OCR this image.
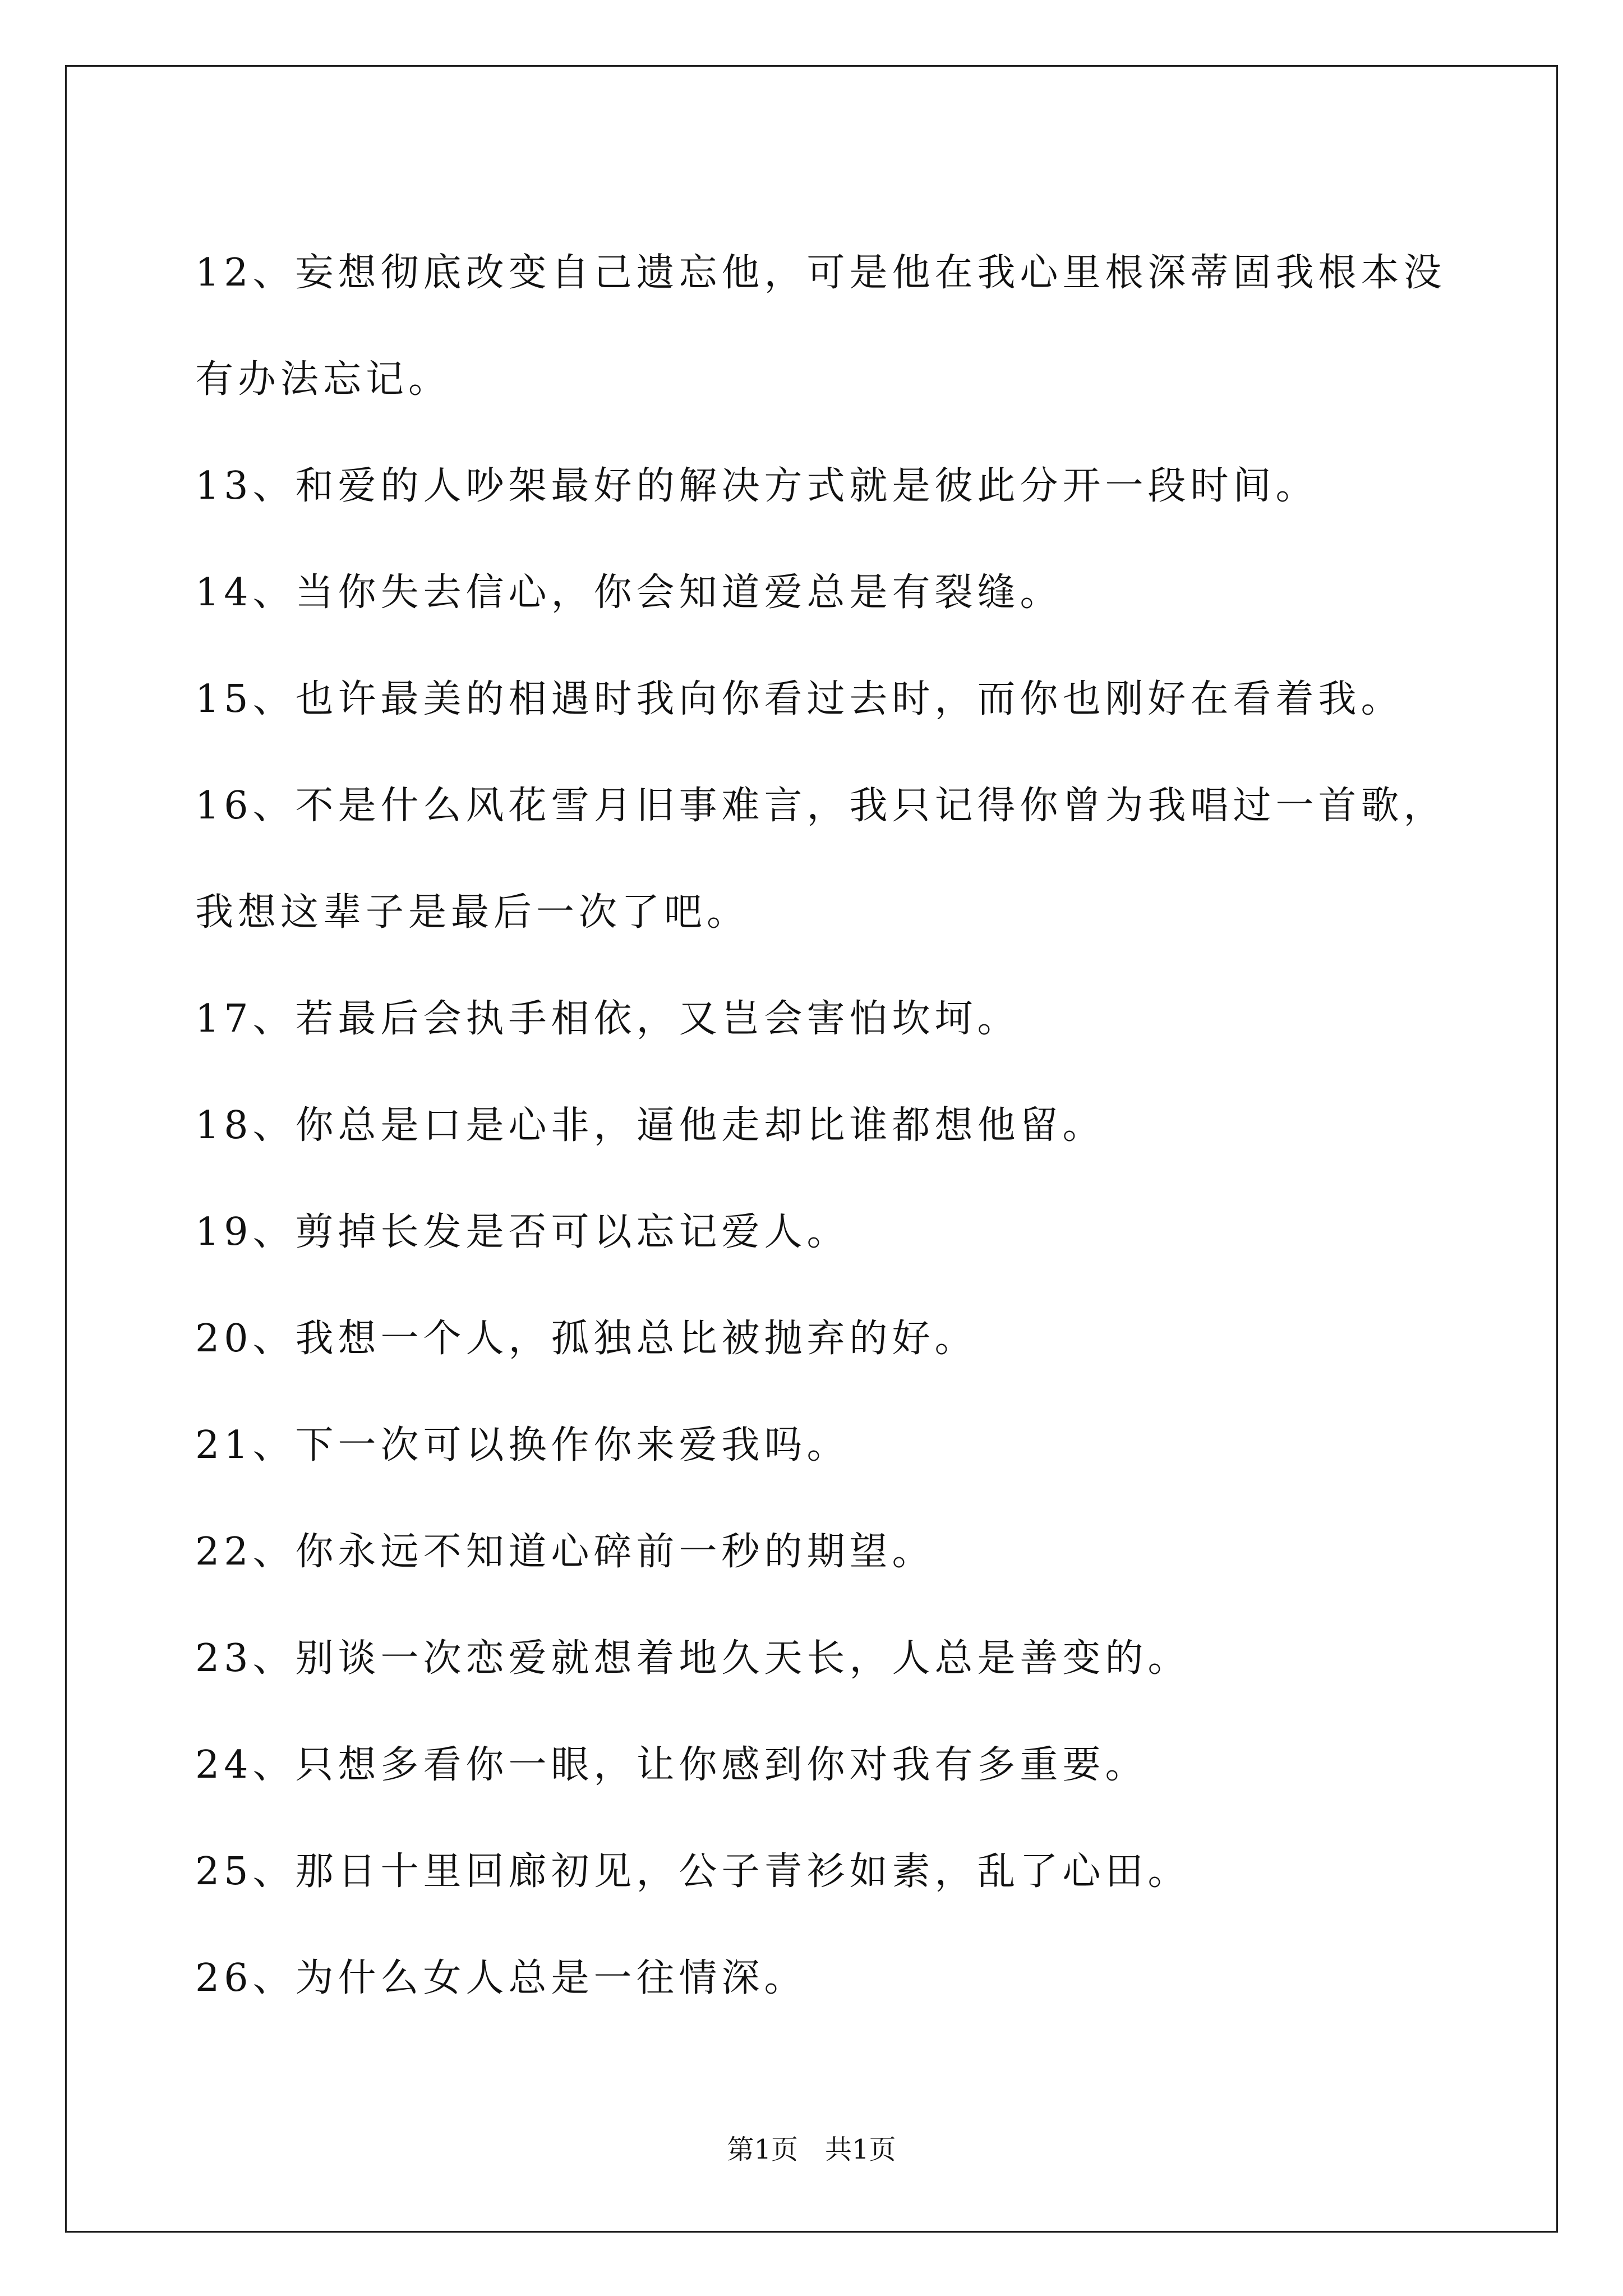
12、妄想彻底改变自己遗忘他，可是他在我心里根深蒂固我根本没有办法忘记。

13、和爱的人吵架最好的解决方式就是彼此分开一段时间。

14、当你失去信心，你会知道爱总是有裂缝。

15、也许最美的相遇时我向你看过去时，而你也刚好在看着我。

16、不是什么风花雪月旧事难言，我只记得你曾为我唱过一首歌，我想这辈子是最后一次了吧。

17、若最后会执手相依，又岂会害怕坎坷。

18、你总是口是心非，逼他走却比谁都想他留。

19、剪掉长发是否可以忘记爱人。

20、我想一个人，孤独总比被抛弃的好。

21、下一次可以换作你来爱我吗。

22、你永远不知道心碎前一秒的期望。

23、别谈一次恋爱就想着地久天长，人总是善变的。

24、只想多看你一眼，让你感到你对我有多重要。

25、那日十里回廊初见，公子青衫如素，乱了心田。

26、为什么女人总是一往情深。

第1页 共1页
